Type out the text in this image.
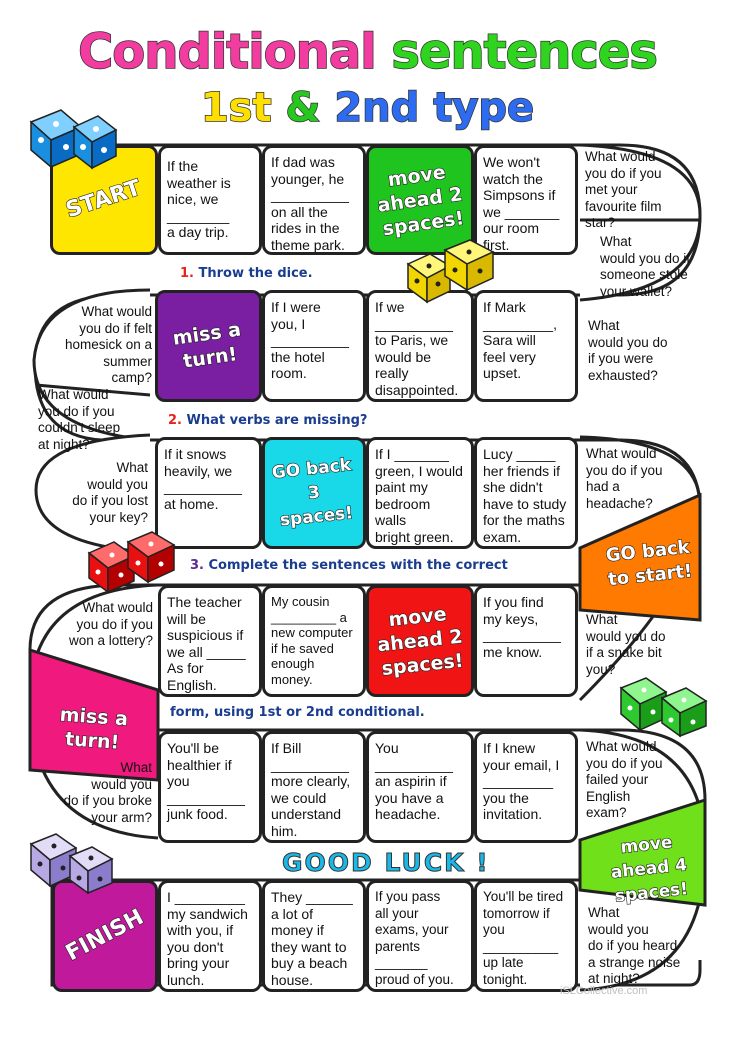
Conditional sentences
1st & 2nd type
START
If the
weather is
nice, we
________
a day trip.
If dad was
younger, he
__________
on all the
rides in the
theme park.
move ahead 2 spaces!
We won't
watch the
Simpsons if
we _______
our room
first.
What would
you do if you
met your
favourite film
star?
What
would you do if
someone stole
your wallet?
1. Throw the dice.
What would
you do if felt
homesick on a
summer
camp?
miss a turn!
If I were
you, I
__________
the hotel
room.
If we
__________
to Paris, we
would be
really
disappointed.
If Mark
_________,
Sara will
feel very
upset.
What
would you do
if you were
exhausted?
What would
you do if you
couldn't sleep
at night?
2. What verbs are missing?
What
would you
do if you lost
your key?
If it snows
heavily, we
__________
at home.
GO back 3 spaces!
If I _______
green, I would
paint my
bedroom walls
bright green.
Lucy _____
her friends if
she didn't
have to study
for the maths
exam.
What would
you do if you
had a
headache?
GO back to start!
3. Complete the sentences with the correct
What would
you do if you
won a lottery?
The teacher
will be
suspicious if
we all _____
As for
English.
My cousin
_________ a
new computer
if he saved
enough
money.
move ahead 2 spaces!
If you find
my keys,
__________
me know.
What
would you do
if a snake bit
you?
miss a turn!
form, using 1st or 2nd conditional.
What
would you
do if you broke
your arm?
You'll be
healthier if
you
__________
junk food.
If Bill
__________
more clearly,
we could
understand
him.
You
__________
an aspirin if
you have a
headache.
If I knew
your email, I
_________
you the
invitation.
What would
you do if you
failed your
English
exam?
move ahead 4 spaces!
GOOD LUCK !
FINISH
I _________
my sandwich
with you, if
you don't
bring your
lunch.
They ______
a lot of
money if
they want to
buy a beach
house.
If you pass
all your
exams, your
parents
_______
proud of you.
You'll be tired
tomorrow if
you
__________
up late
tonight.
What
would you
do if you heard
a strange noise
at night?
iSLCollective.com
